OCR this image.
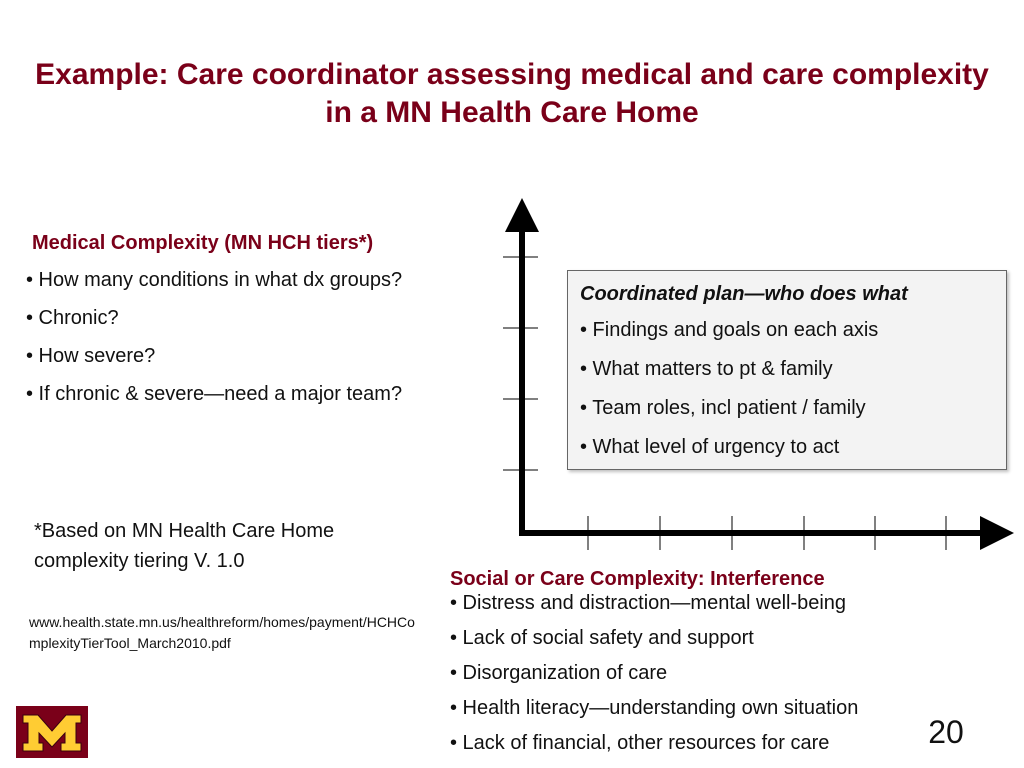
Example: Care coordinator assessing medical and care complexity in a MN Health Care Home
Medical Complexity (MN HCH tiers*)
• How many conditions in what dx groups?
• Chronic?
• How severe?
• If chronic & severe—need a major team?
Coordinated plan—who does what
• Findings and goals on each axis
• What matters to pt & family
• Team roles, incl patient / family
• What level of urgency to act

*Based on MN Health Care Home complexity tiering V. 1.0

www.health.state.mn.us/healthreform/homes/payment/HCHComplexityTierTool_March2010.pdf

Social or Care Complexity: Interference
• Distress and distraction—mental well-being
• Lack of social safety and support
• Disorganization of care
• Health literacy—understanding own situation
• Lack of financial, other resources for care	20
